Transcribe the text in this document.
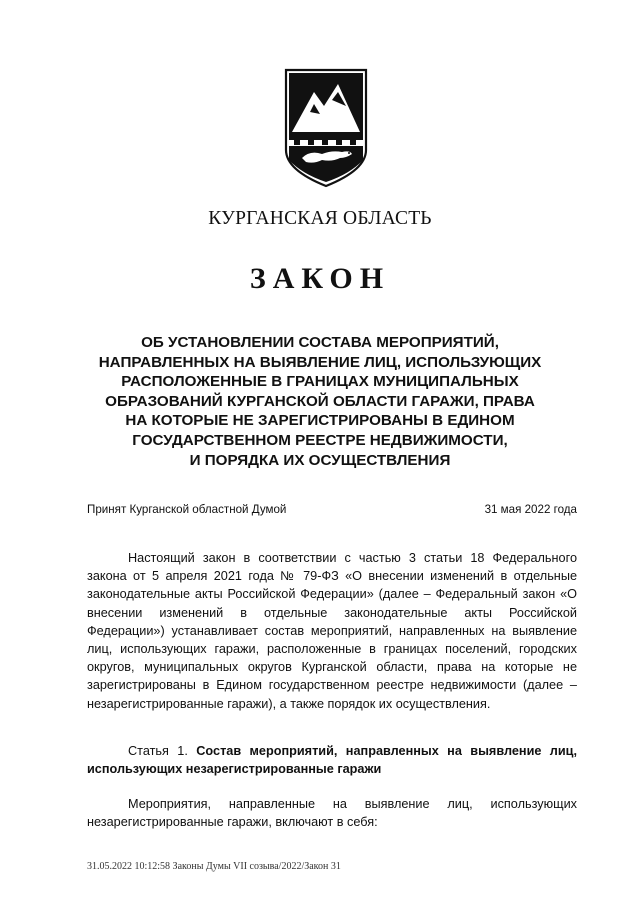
КУРГАНСКАЯ ОБЛАСТЬ
ЗАКОН
ОБ УСТАНОВЛЕНИИ СОСТАВА МЕРОПРИЯТИЙ,
НАПРАВЛЕННЫХ НА ВЫЯВЛЕНИЕ ЛИЦ, ИСПОЛЬЗУЮЩИХ
РАСПОЛОЖЕННЫЕ В ГРАНИЦАХ МУНИЦИПАЛЬНЫХ
ОБРАЗОВАНИЙ КУРГАНСКОЙ ОБЛАСТИ ГАРАЖИ, ПРАВА
НА КОТОРЫЕ НЕ ЗАРЕГИСТРИРОВАНЫ В ЕДИНОМ
ГОСУДАРСТВЕННОМ РЕЕСТРЕ НЕДВИЖИМОСТИ,
И ПОРЯДКА ИХ ОСУЩЕСТВЛЕНИЯ
Принят Курганской областной Думой	31 мая 2022 года

Настоящий закон в соответствии с частью 3 статьи 18 Федерального закона от 5 апреля 2021 года № 79-ФЗ «О внесении изменений в отдельные законодательные акты Российской Федерации» (далее – Федеральный закон «О внесении изменений в отдельные законодательные акты Российской Федерации») устанавливает состав мероприятий, направленных на выявление лиц, использующих гаражи, расположенные в границах поселений, городских округов, муниципальных округов Курганской области, права на которые не зарегистрированы в Едином государственном реестре недвижимости (далее – незарегистрированные гаражи), а также порядок их осуществления.

Статья 1. Состав мероприятий, направленных на выявление лиц, использующих незарегистрированные гаражи

Мероприятия, направленные на выявление лиц, использующих незарегистрированные гаражи, включают в себя:

31.05.2022 10:12:58 Законы Думы VII созыва/2022/Закон 31
